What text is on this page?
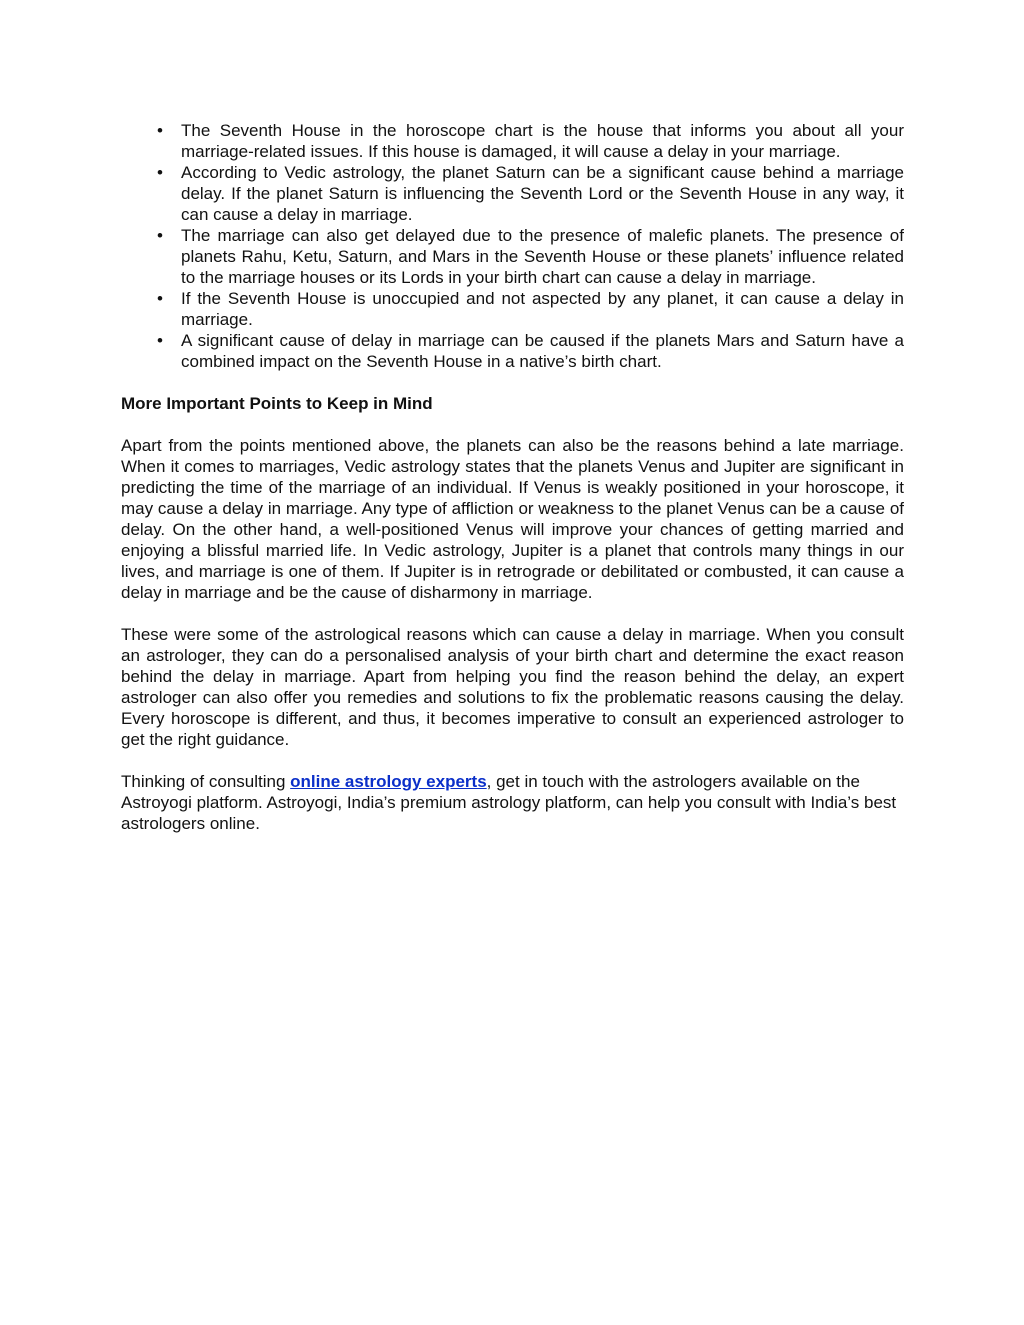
• The Seventh House in the horoscope chart is the house that informs you about all your marriage-related issues. If this house is damaged, it will cause a delay in your marriage.
• According to Vedic astrology, the planet Saturn can be a significant cause behind a marriage delay. If the planet Saturn is influencing the Seventh Lord or the Seventh House in any way, it can cause a delay in marriage.
• The marriage can also get delayed due to the presence of malefic planets. The presence of planets Rahu, Ketu, Saturn, and Mars in the Seventh House or these planets’ influence related to the marriage houses or its Lords in your birth chart can cause a delay in marriage.
• If the Seventh House is unoccupied and not aspected by any planet, it can cause a delay in marriage.
• A significant cause of delay in marriage can be caused if the planets Mars and Saturn have a combined impact on the Seventh House in a native’s birth chart.
More Important Points to Keep in Mind

Apart from the points mentioned above, the planets can also be the reasons behind a late marriage. When it comes to marriages, Vedic astrology states that the planets Venus and Jupiter are significant in predicting the time of the marriage of an individual. If Venus is weakly positioned in your horoscope, it may cause a delay in marriage. Any type of affliction or weakness to the planet Venus can be a cause of delay. On the other hand, a well-positioned Venus will improve your chances of getting married and enjoying a blissful married life. In Vedic astrology, Jupiter is a planet that controls many things in our lives, and marriage is one of them. If Jupiter is in retrograde or debilitated or combusted, it can cause a delay in marriage and be the cause of disharmony in marriage.

These were some of the astrological reasons which can cause a delay in marriage. When you consult an astrologer, they can do a personalised analysis of your birth chart and determine the exact reason behind the delay in marriage. Apart from helping you find the reason behind the delay, an expert astrologer can also offer you remedies and solutions to fix the problematic reasons causing the delay. Every horoscope is different, and thus, it becomes imperative to consult an experienced astrologer to get the right guidance.

Thinking of consulting online astrology experts, get in touch with the astrologers available on the Astroyogi platform. Astroyogi, India’s premium astrology platform, can help you consult with India’s best astrologers online.
